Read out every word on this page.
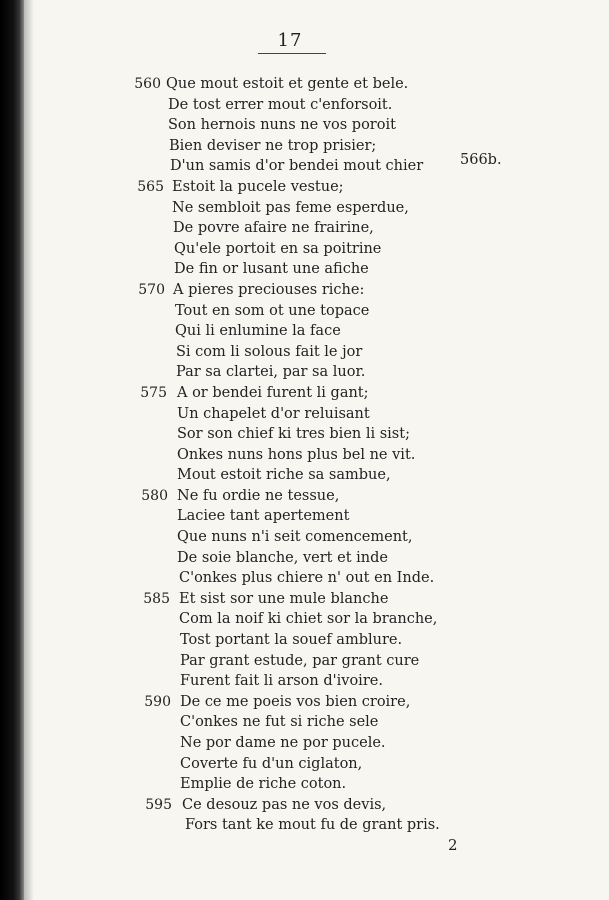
17
560 Que mout estoit et gente et bele.
De tost errer mout c'enforsoit.
Son hernois nuns ne vos poroit
Bien deviser ne trop prisier;
D'un samis d'or bendei mout chier
565 Estoit la pucele vestue;
Ne sembloit pas feme esperdue,
De povre afaire ne frairine,
Qu'ele portoit en sa poitrine
De fin or lusant une afiche
570 A pieres preciouses riche:
Tout en som ot une topace
Qui li enlumine la face
Si com li solous fait le jor
Par sa clartei, par sa luor.
575 A or bendei furent li gant;
Un chapelet d'or reluisant
Sor son chief ki tres bien li sist;
Onkes nuns hons plus bel ne vit.
Mout estoit riche sa sambue,
580 Ne fu ordie ne tessue,
Laciee tant apertement
Que nuns n'i seit comencement,
De soie blanche, vert et inde
C'onkes plus chiere n' out en Inde.
585 Et sist sor une mule blanche
Com la noif ki chiet sor la branche,
Tost portant la souef amblure.
Par grant estude, par grant cure
Furent fait li arson d'ivoire.
590 De ce me poeis vos bien croire,
C'onkes ne fut si riche sele
Ne por dame ne por pucele.
Coverte fu d'un ciglaton,
Emplie de riche coton.
595 Ce desouz pas ne vos devis,
Fors tant ke mout fu de grant pris.
566b.
2
